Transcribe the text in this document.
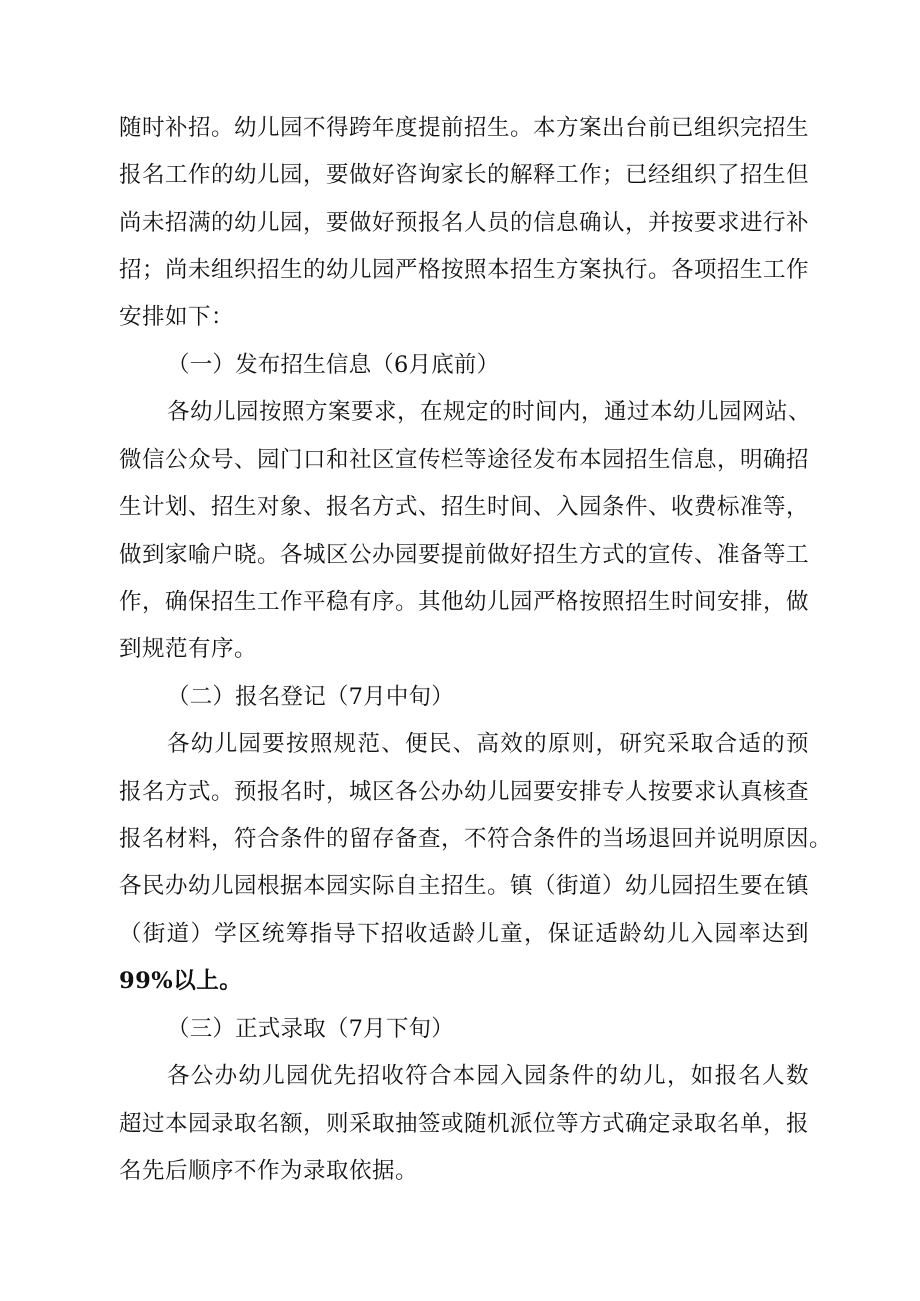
随时补招。幼儿园不得跨年度提前招生。本方案出台前已组织完招生
报名工作的幼儿园，要做好咨询家长的解释工作；已经组织了招生但
尚未招满的幼儿园，要做好预报名人员的信息确认，并按要求进行补
招；尚未组织招生的幼儿园严格按照本招生方案执行。各项招生工作
安排如下：
（一）发布招生信息（6月底前）
各幼儿园按照方案要求，在规定的时间内，通过本幼儿园网站、
微信公众号、园门口和社区宣传栏等途径发布本园招生信息，明确招
生计划、招生对象、报名方式、招生时间、入园条件、收费标准等，
做到家喻户晓。各城区公办园要提前做好招生方式的宣传、准备等工
作，确保招生工作平稳有序。其他幼儿园严格按照招生时间安排，做
到规范有序。
（二）报名登记（7月中旬）
各幼儿园要按照规范、便民、高效的原则，研究采取合适的预
报名方式。预报名时，城区各公办幼儿园要安排专人按要求认真核查
报名材料，符合条件的留存备查，不符合条件的当场退回并说明原因。
各民办幼儿园根据本园实际自主招生。镇（街道）幼儿园招生要在镇
（街道）学区统筹指导下招收适龄儿童，保证适龄幼儿入园率达到
99%以上。
（三）正式录取（7月下旬）
各公办幼儿园优先招收符合本园入园条件的幼儿，如报名人数
超过本园录取名额，则采取抽签或随机派位等方式确定录取名单，报
名先后顺序不作为录取依据。
